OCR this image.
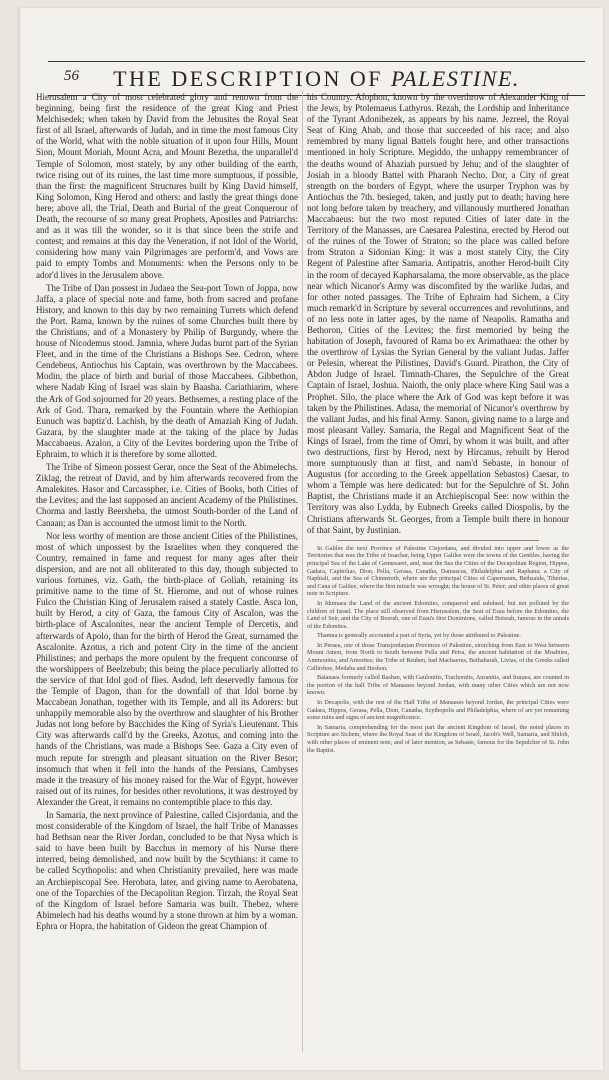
56	THE DESCRIPTION OF PALESTINE.

Hierusalem a City of most celebrated glory and renown from the beginning, being first the residence of the great King and Priest Melchisedek; when taken by David from the Jebusites the Royal Seat first of all Israel, afterwards of Judah, and in time the most famous City of the World, what with the noble situation of it upon four Hills, Mount Sion, Mount Moriah, Mount Acra, and Mount Bezetha, the unparallel'd Temple of Solomon, most stately, by any other building of the earth, twice rising out of its ruines, the last time more sumptuous, if possible, than the first: the magnificent Structures built by King David himself, King Solomon, King Herod and others: and lastly the great things done here; above all, the Trial, Death and Burial of the great Conquerour of Death, the recourse of so many great Prophets, Apostles and Patriarchs: and as it was till the wonder, so it is that since been the strife and contest; and remains at this day the Veneration, if not Idol of the World, considering how many vain Pilgrimages are perform'd, and Vows are paid to empty Tombs and Monuments: when the Persons only to be ador'd lives in the Jerusalem above.

The Tribe of Dan possest in Judaea the Sea-port Town of Joppa, now Jaffa, a place of special note and fame, both from sacred and profane History, and known to this day by two remaining Turrets which defend the Port. Rama, known by the ruines of some Churches built there by the Christians, and of a Monastery by Philip of Burgundy, where the house of Nicodemus stood. Jamnia, where Judas burnt part of the Syrian Fleet, and in the time of the Christians a Bishops See. Cedron, where Cendebeus, Antiochus his Captain, was overthrown by the Maccabees. Modin, the place of birth and burial of those Maccabees. Gibbethon, where Nadab King of Israel was slain by Baasha. Cariathiarim, where the Ark of God sojourned for 20 years. Bethsemes, a resting place of the Ark of God. Thara, remarked by the Fountain where the Aethiopian Eunuch was baptiz'd. Lachish, by the death of Amaziah King of Judah. Gazara, by the slaughter made at the taking of the place by Judas Maccabaeus. Azalon, a City of the Levites bordering upon the Tribe of Ephraim, to which it is therefore by some allotted.

The Tribe of Simeon possest Gerar, once the Seat of the Abimelechs. Ziklag, the retreat of David, and by him afterwards recovered from the Amalekites. Hasor and Carcasspher, i.e. Cities of Books, both Cities of the Levites; and the last supposed an ancient Academy of the Philistines. Chorma and lastly Beersheba, the utmost South-border of the Land of Canaan; as Dan is accounted the utmost limit to the North.

Nor less worthy of mention are those ancient Cities of the Philistines, most of which unpossest by the Israelites when they conquered the Country, remained in fame and request for many ages after their dispersion, and are not all obliterated to this day, though subjected to various fortunes, viz. Gath, the birth-place of Goliah, retaining its primitive name to the time of St. Hierome, and out of whose ruines Fulco the Christian King of Jerusalem raised a stately Castle. Asca lon, built by Herod, a city of Gaza, the famous City of Ascalon, was the birth-place of Ascalonites, near the ancient Temple of Dercetis, and afterwards of Apolo, than for the birth of Herod the Great, surnamed the Ascalonite. Azotus, a rich and potent City in the time of the ancient Philistines; and perhaps the more opulent by the frequent concourse of the worshippers of Beelzebub; this being the place peculiarly allotted to the service of that Idol god of flies. Asdod, left deservedly famous for the Temple of Dagon, than for the downfall of that Idol borne by Maccabean Jonathan, together with its Temple, and all its Adorers: but unhappily memorable also by the overthrow and slaughter of his Brother Judas not long before by Bacchides the King of Syria's Lieutenant. This City was afterwards call'd by the Greeks, Azotus, and coming into the hands of the Christians, was made a Bishops See. Gaza a City even of much repute for strength and pleasant situation on the River Besor; insomuch that when it fell into the hands of the Persians, Cambyses made it the treasury of his money raised for the War of Egypt, however raised out of its ruines, for besides other revolutions, it was destroyed by Alexander the Great, it remains no contemptible place to this day.

In Samaria, the next province of Palestine, called Cisjordania, and the most considerable of the Kingdom of Israel, the half Tribe of Manasses had Bethsan near the River Jordan, concluded to be that Nysa which is said to have been built by Bacchus in memory of his Nurse there interred, being demolished, and now built by the Scythians: it came to be called Scythopolis: and when Christianity prevailed, here was made an Archiepiscopal See. Herobata, later, and giving name to Aerobatena, one of the Toparchies of the Decapolitan Region. Tirzah, the Royal Seat of the Kingdom of Israel before Samaria was built. Thebez, where Abimelech had his deaths wound by a stone thrown at him by a woman. Ephra or Hopra, the habitation of Gideon the great Champion of

his Country. Afophon, known by the overthrow of Alexander King of the Jews, by Ptolemaeus Lathyrus. Rezah, the Lordship and Inheritance of the Tyrant Adonibezek, as appears by his name. Jezreel, the Royal Seat of King Ahab, and those that succeeded of his race; and also remembred by many lignal Battels fought here, and other transactions mentioned in holy Scripture. Megiddo, the unhappy remembrancer of the deaths wound of Ahaziah pursued by Jehu; and of the slaughter of Josiah in a bloody Battel with Pharaoh Necho. Dor, a City of great strength on the borders of Egypt, where the usurper Tryphon was by Antiochus the 7th. besieged, taken, and justly put to death; having here not long before taken by treachery, and villanously murthered Jonathan Maccabaeus: but the two most reputed Cities of later date in the Territory of the Manasses, are Caesarea Palestina, erected by Herod out of the ruines of the Tower of Straton; so the place was called before from Straton a Sidonian King: it was a most stately City, the City Regent of Palestine after Samaria. Antipatris, another Herod-built City in the room of decayed Kapharsalama, the more observable, as the place near which Nicanor's Army was discomfited by the warlike Judas, and for other noted passages. The Tribe of Ephraim had Sichem, a City much remark'd in Scripture by several occurrences and revolutions, and of no less note in latter ages, by the name of Neapolis. Ramatha and Bethoron, Cities of the Levites; the first memoried by being the habitation of Joseph, favoured of Rama bo ex Arimathaea: the other by the overthrow of Lysias the Syrian General by the valiant Judas. Jaffer or Pelesin, whereat the Pilistines, David's Guard. Pirathon, the City of Abdon Judge of Israel. Timnath-Chares, the Sepulchre of the Great Captain of Israel, Joshua. Naioth, the only place where King Saul was a Prophet. Silo, the place where the Ark of God was kept before it was taken by the Philistines. Adasa, the memorial of Nicanor's overthrow by the valiant Judas, and his final Army. Sanon, giving name to a large and most pleasant Valley. Samaria, the Regal and Magnificent Seat of the Kings of Israel, from the time of Omri, by whom it was built, and after two destructions, first by Herod, next by Hircanus, rebuilt by Herod more sumptuously than at first, and nam'd Sebaste, in honour of Augustus (for according to the Greek appellation Sebastos) Caesar, to whom a Temple was here dedicated: but for the Sepulchre of St. John Baptist, the Christians made it an Archiepiscopal See: now within the Territory was also Lydda, by Eubnech Greeks called Diospolis, by the Christians afterwards St. Georges, from a Temple built there in honour of that Saint, by Justinian.

In Galilee the next Province of Palestine Cisjordana, and divided into upper and lower as the Territories that was the Tribe of Issachar, being Upper Galilee were the towns of the Gentiles, having the principal Sea of the Lake of Gennesaret, and, near the Sea the Cities of the Decapolitan Region, Hippos, Gadara, Capitolias, Dion, Pella, Gerasa, Canatha, Damascus, Philadelphia and Raphana; a City of Naphtali, and the Sea of Chinnereth, where are the principal Cities of Capernaum, Bethsaida, Tiberias, and Cana of Galilee, where the first miracle was wrought; the house of St. Peter; and other places of great note in Scripture.

In Idumaea the Land of the ancient Edomites, conquered and subdued, but not polluted by the children of Israel. The place still observed from Hierusalem, the Seat of Esau before the Edomites, the Land of Seir, and the City of Bozrah, one of Esau's first Dominions, called Botsrah, famous in the annals of the Edomites.

Thamna is generally accounted a part of Syria, yet by those attributed to Palestine.

In Peraea, one of those Transjordanian Provinces of Palestine, stretching from East to West between Mount Amon, from North to South between Pella and Petra, the ancient habitation of the Moabites, Ammonites, and Amorites; the Tribe of Reuben, had Machaerus, Bethabarah, Livias, of the Greeks called Callirrhoe, Medaba and Hesbon.

Batanaea formerly called Bashan, with Gaulonitis, Trachonitis, Auranitis, and Ituraea, are counted in the portion of the half Tribe of Manasses beyond Jordan, with many other Cities which are not now known.

In Decapolis, with the rest of the Half Tribe of Manasses beyond Jordan, the principal Cities were Gadara, Hippos, Gerasa, Pella, Dion, Canatha, Scythopolis and Philadelphia, where of are yet remaining some ruins and signs of ancient magnificence.

In Samaria, comprehending for the most part the ancient Kingdom of Israel, the noted places in Scripture are Sichem, where the Royal Seat of the Kingdom of Israel, Jacob's Well, Samaria, and Shiloh, with other places of eminent note, and of later mention, as Sebaste, famous for the Sepulchre of St. John the Baptist.
